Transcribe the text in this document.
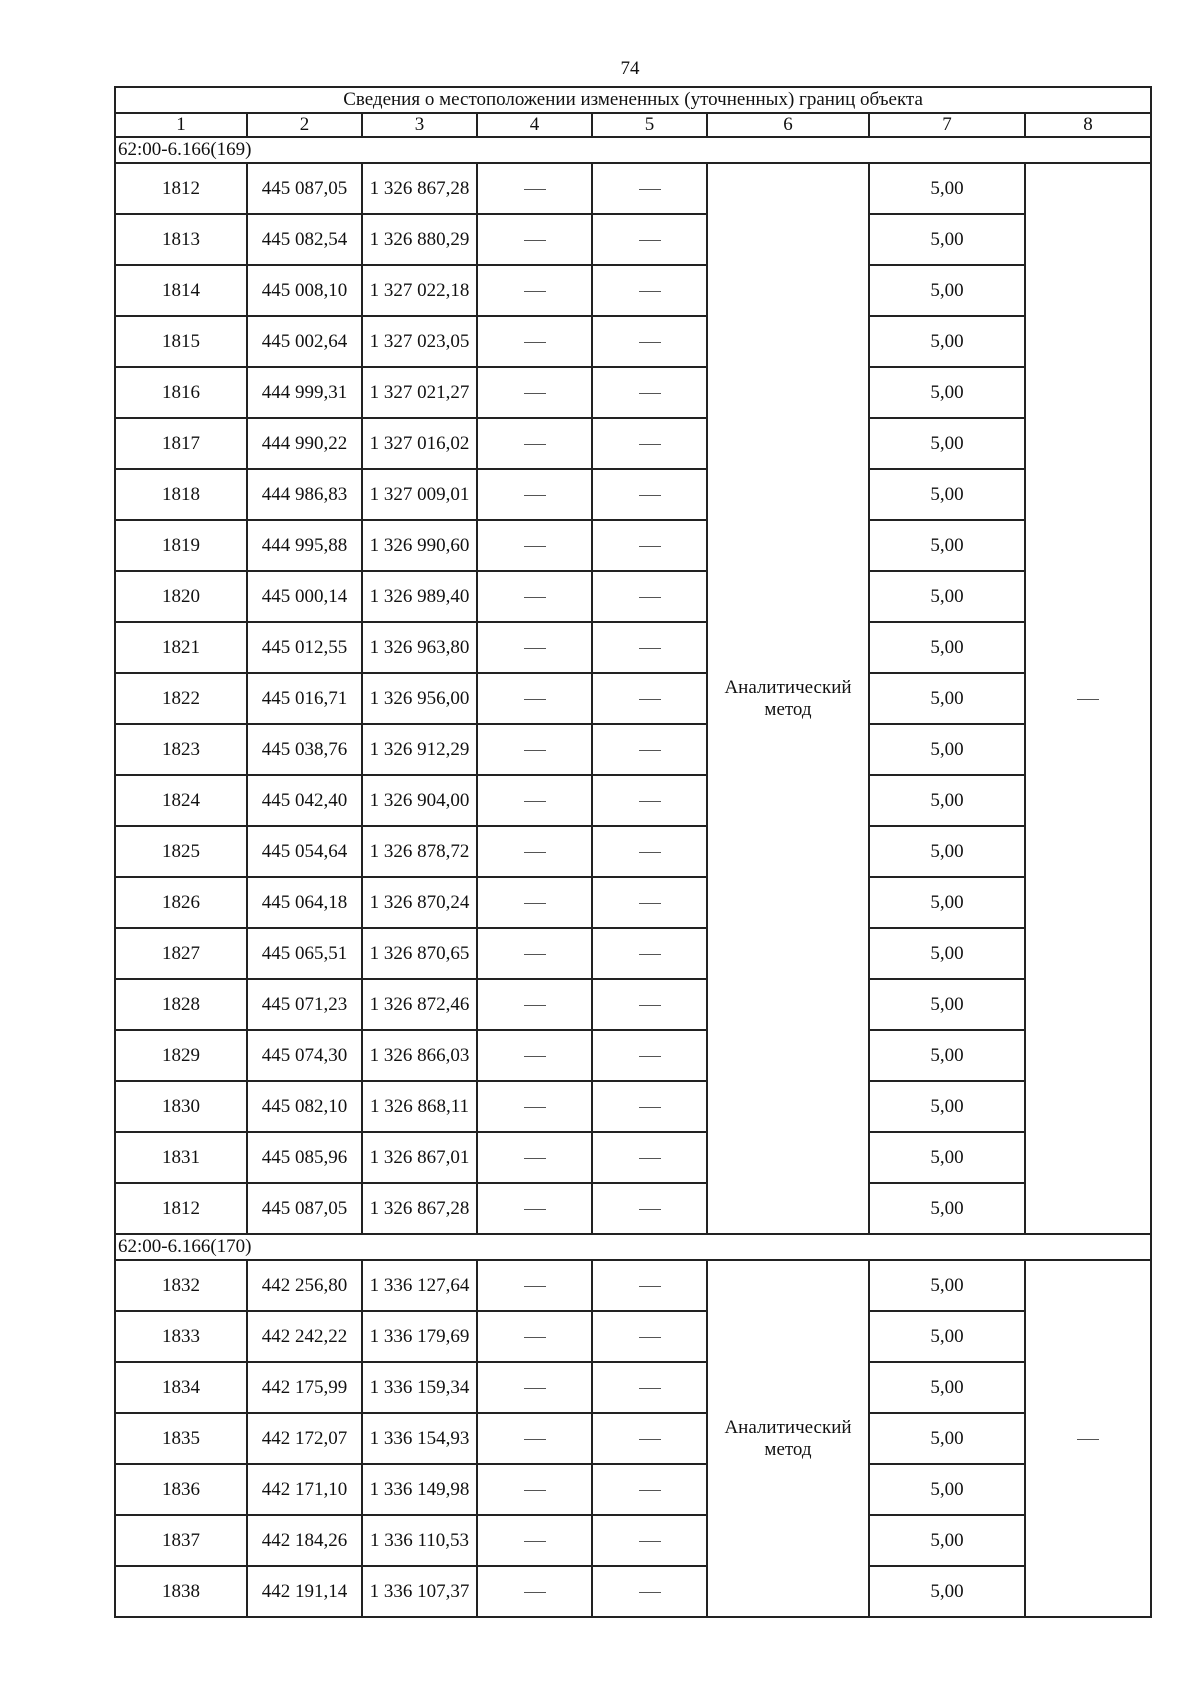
74
Сведения о местоположении измененных (уточненных) границ объекта							
1	2	3	4	5	6	7	8
62:00-6.166(169)							
1812	445 087,05	1 326 867,28			Аналитический метод	5,00	
1813	445 082,54	1 326 880,29				5,00	
1814	445 008,10	1 327 022,18				5,00	
1815	445 002,64	1 327 023,05				5,00	
1816	444 999,31	1 327 021,27				5,00	
1817	444 990,22	1 327 016,02				5,00	
1818	444 986,83	1 327 009,01				5,00	
1819	444 995,88	1 326 990,60				5,00	
1820	445 000,14	1 326 989,40				5,00	
1821	445 012,55	1 326 963,80				5,00	
1822	445 016,71	1 326 956,00				5,00	
1823	445 038,76	1 326 912,29				5,00	
1824	445 042,40	1 326 904,00				5,00	
1825	445 054,64	1 326 878,72				5,00	
1826	445 064,18	1 326 870,24				5,00	
1827	445 065,51	1 326 870,65				5,00	
1828	445 071,23	1 326 872,46				5,00	
1829	445 074,30	1 326 866,03				5,00	
1830	445 082,10	1 326 868,11				5,00	
1831	445 085,96	1 326 867,01				5,00	
1812	445 087,05	1 326 867,28				5,00	
62:00-6.166(170)							
1832	442 256,80	1 336 127,64			Аналитический метод	5,00	
1833	442 242,22	1 336 179,69				5,00	
1834	442 175,99	1 336 159,34				5,00	
1835	442 172,07	1 336 154,93				5,00	
1836	442 171,10	1 336 149,98				5,00	
1837	442 184,26	1 336 110,53				5,00	
1838	442 191,14	1 336 107,37				5,00	
